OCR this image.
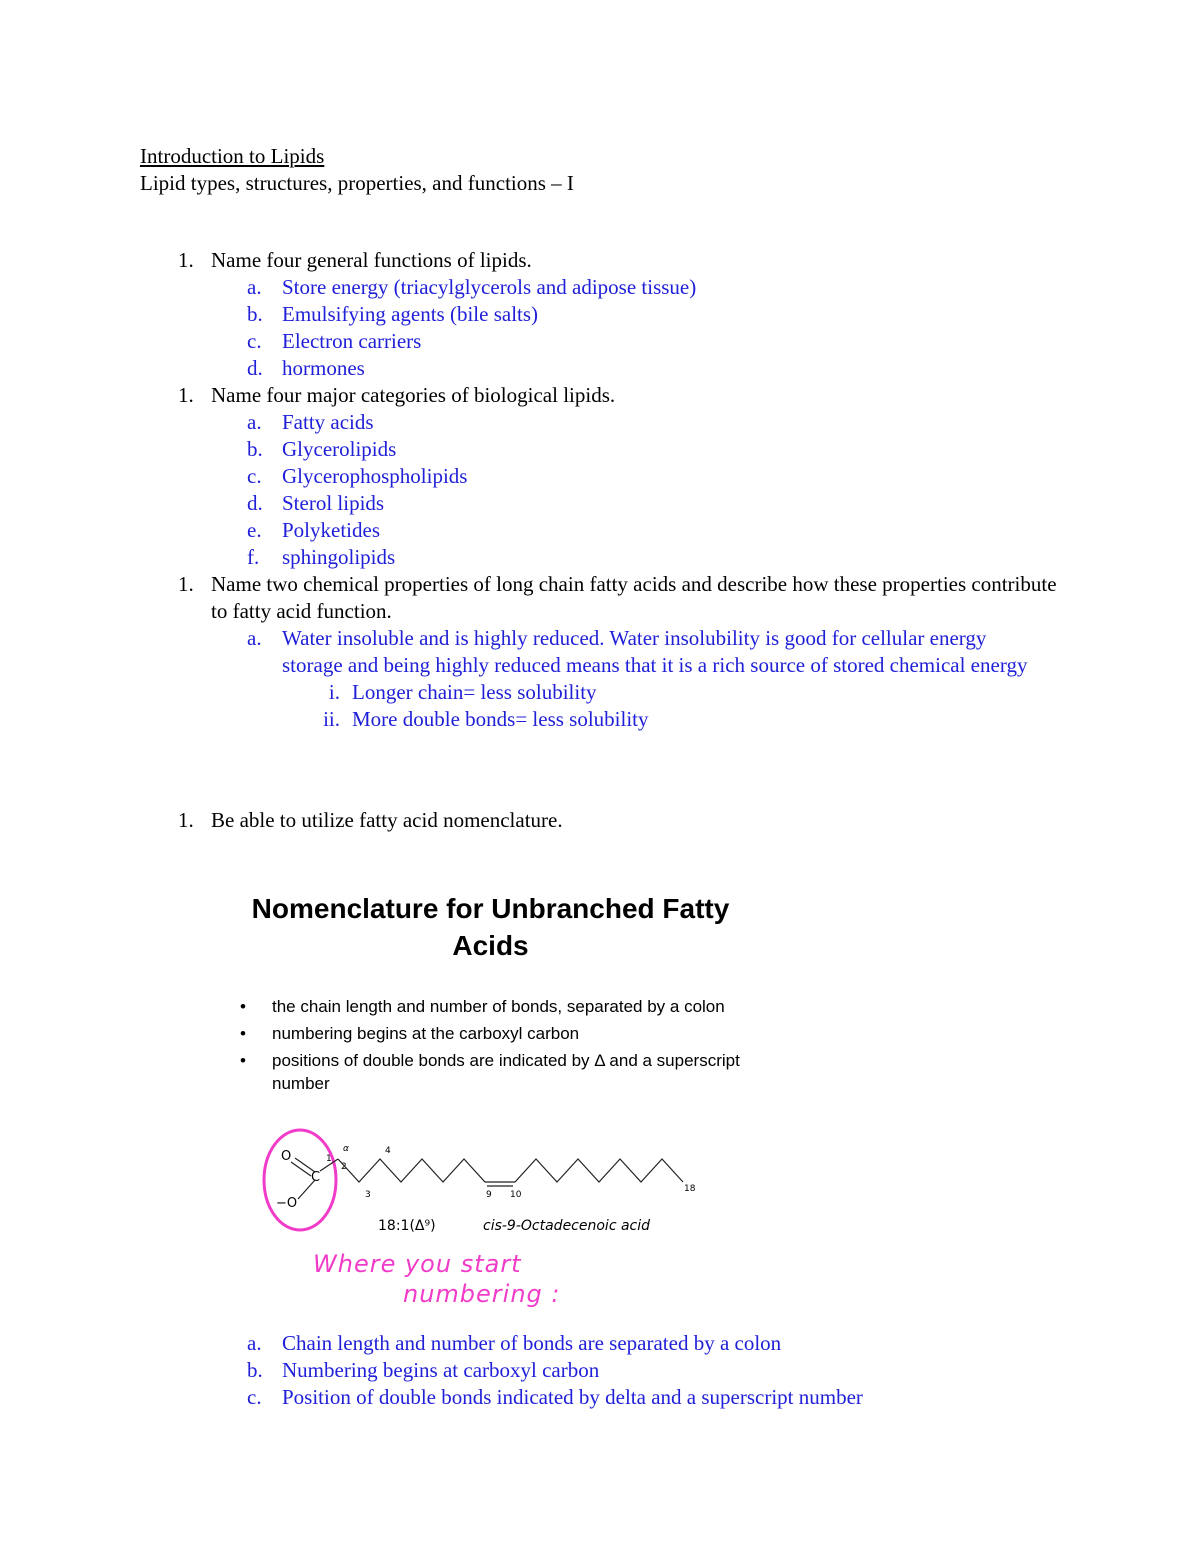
Introduction to Lipids
Lipid types, structures, properties, and functions – I
1. Name four general functions of lipids.
a. Store energy (triacylglycerols and adipose tissue)
b. Emulsifying agents (bile salts)
c. Electron carriers
d. hormones
1. Name four major categories of biological lipids.
a. Fatty acids
b. Glycerolipids
c. Glycerophospholipids
d. Sterol lipids
e. Polyketides
f. sphingolipids
1. Name two chemical properties of long chain fatty acids and describe how these properties contribute to fatty acid function.
a. Water insoluble and is highly reduced. Water insolubility is good for cellular energy storage and being highly reduced means that it is a rich source of stored chemical energy
i. Longer chain= less solubility
ii. More double bonds= less solubility
1. Be able to utilize fatty acid nomenclature.
Nomenclature for Unbranched Fatty
Acids
• the chain length and number of bonds, separated by a colon
• numbering begins at the carboxyl carbon
• positions of double bonds are indicated by Δ and a superscript number
O
C
−O
α
1
2
3
4
9 10
18
18:1(Δ⁹)	cis-9-Octadecenoic acid
Where you start
numbering :
a. Chain length and number of bonds are separated by a colon
b. Numbering begins at carboxyl carbon
c. Position of double bonds indicated by delta and a superscript number
